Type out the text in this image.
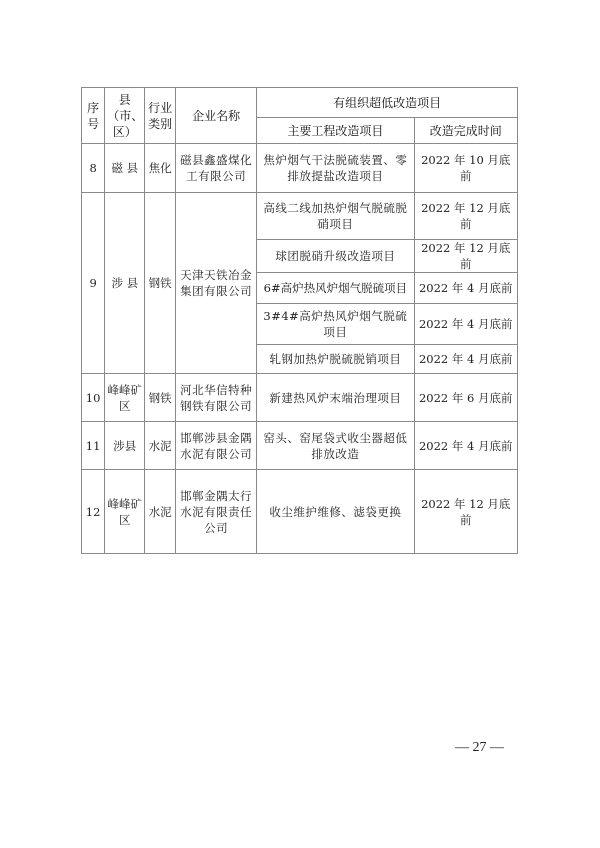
序号	县（市、区）	行业类别	企业名称	有组织超低改造项目	
				主要工程改造项目	改造完成时间
8	磁 县	焦化	磁县鑫盛煤化工有限公司	焦炉烟气干法脱硫装置、零排放提盐改造项目	2022 年 10 月底前
9	涉 县	钢铁	天津天铁冶金集团有限公司	高线二线加热炉烟气脱硫脱硝项目	2022 年 12 月底前
				球团脱硝升级改造项目	2022 年 12 月底前
				6#高炉热风炉烟气脱硫项目	2022 年 4 月底前
				3#4#高炉热风炉烟气脱硫项目	2022 年 4 月底前
				轧钢加热炉脱硫脱销项目	2022 年 4 月底前
10	峰峰矿区	钢铁	河北华信特种钢铁有限公司	新建热风炉末端治理项目	2022 年 6 月底前
11	涉县	水泥	邯郸涉县金隅水泥有限公司	窑头、窑尾袋式收尘器超低排放改造	2022 年 4 月底前
12	峰峰矿区	水泥	邯郸金隅太行水泥有限责任公司	收尘维护维修、滤袋更换	2022 年 12 月底前
— 27 —
